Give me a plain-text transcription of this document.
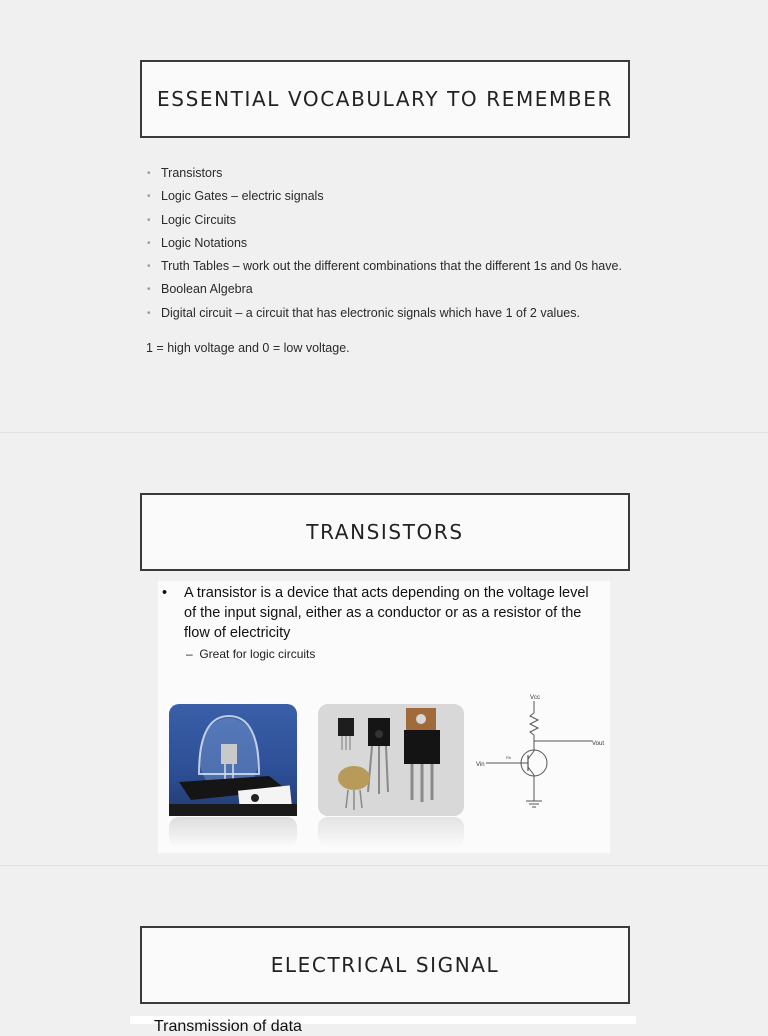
ESSENTIAL VOCABULARY TO REMEMBER
• Transistors
• Logic Gates – electric signals
• Logic Circuits
• Logic Notations
• Truth Tables – work out the different combinations that the different 1s and 0s have.
• Boolean Algebra
• Digital circuit – a circuit that has electronic signals which have 1 of 2 values.
1 = high voltage and 0 = low voltage.
TRANSISTORS
• A transistor is a device that acts depending on the voltage level of the input signal, either as a conductor or as a resistor of the flow of electricity
–  Great for logic circuits
Vcc
Vout
Vin
Rb
ELECTRICAL SIGNAL
Transmission of data
